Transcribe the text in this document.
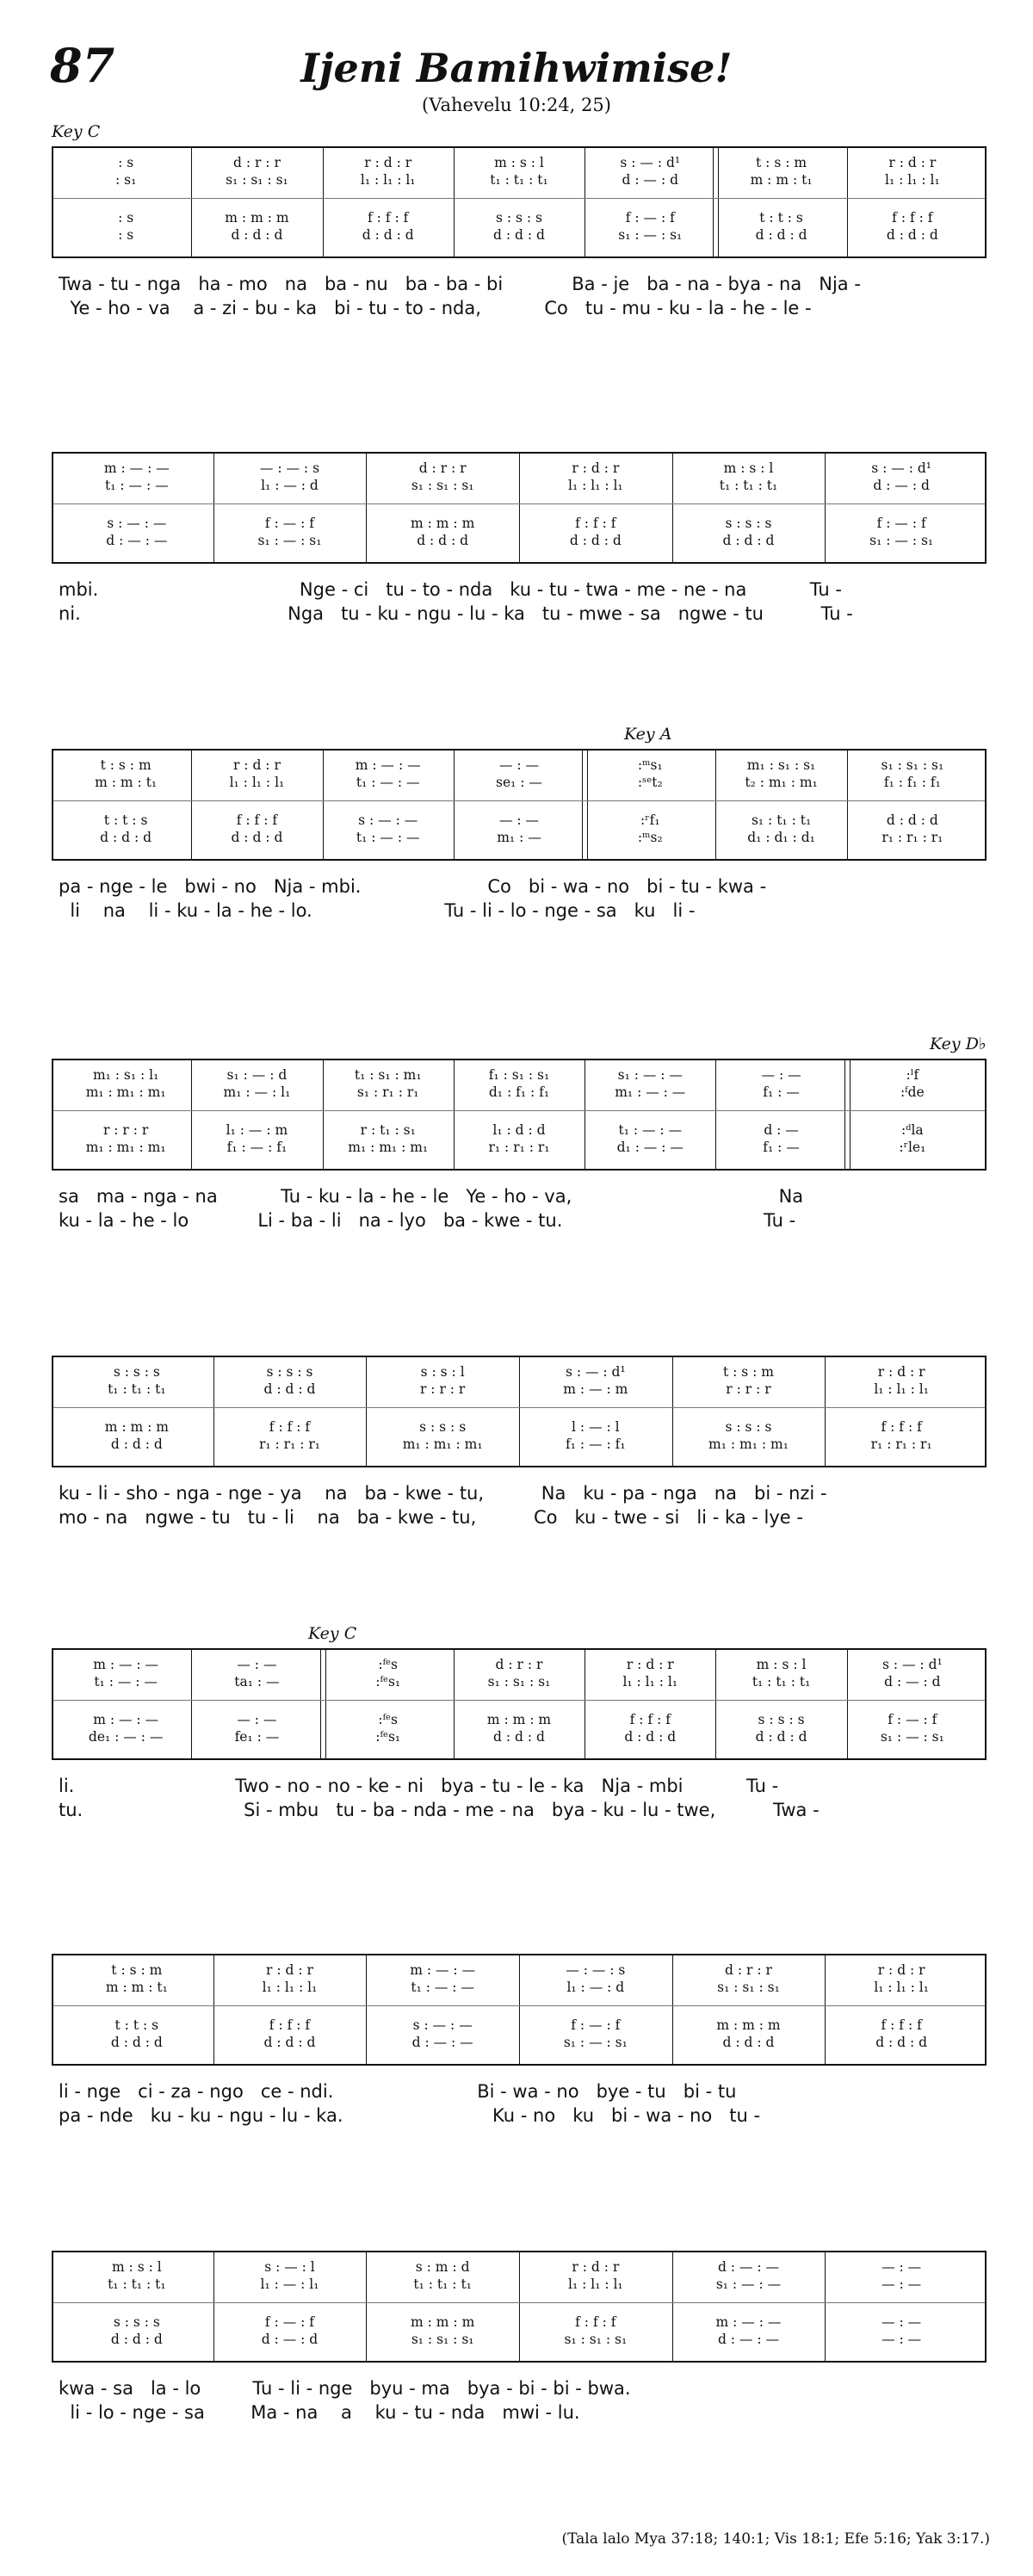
87	Ijeni Bamihwimise!
(Vahevelu 10:24, 25)
Key C
: s	d : r : r	r : d : r	m : s : l	s : — : d¹	t : s : m	r : d : r
: s₁	s₁ : s₁ : s₁	l₁ : l₁ : l₁	t₁ : t₁ : t₁	d : — : d	m : m : t₁	l₁ : l₁ : l₁
: s	m : m : m	f : f : f	s : s : s	f : — : f	t : t : s	f : f : f
: s	d : d : d	d : d : d	d : d : d	s₁ : — : s₁	d : d : d	d : d : d
Twa - tu - nga   ha - mo   na   ba - nu   ba - ba - bi            Ba - je   ba - na - bya - na   Nja -
Ye - ho - va    a - zi - bu - ka   bi - tu - to - nda,           Co   tu - mu - ku - la - he - le -
m : — : —	— : — : s	d : r : r	r : d : r	m : s : l	s : — : d¹
t₁ : — : —	l₁ : — : d	s₁ : s₁ : s₁	l₁ : l₁ : l₁	t₁ : t₁ : t₁	d : — : d
s : — : —	f : — : f	m : m : m	f : f : f	s : s : s	f : — : f
d : — : —	s₁ : — : s₁	d : d : d	d : d : d	d : d : d	s₁ : — : s₁
mbi.                                   Nge - ci   tu - to - nda   ku - tu - twa - me - ne - na           Tu -
ni.                                    Nga   tu - ku - ngu - lu - ka   tu - mwe - sa   ngwe - tu          Tu -
Key A
t : s : m	r : d : r	m : — : —	— : —	:ᵐs₁	m₁ : s₁ : s₁	s₁ : s₁ : s₁
m : m : t₁	l₁ : l₁ : l₁	t₁ : — : —	se₁ : —	:ˢᵉt₂	t₂ : m₁ : m₁	f₁ : f₁ : f₁
t : t : s	f : f : f	s : — : —	— : —	:ʳf₁	s₁ : t₁ : t₁	d : d : d
d : d : d	d : d : d	t₁ : — : —	m₁ : —	:ᵐs₂	d₁ : d₁ : d₁	r₁ : r₁ : r₁
pa - nge - le   bwi - no   Nja - mbi.                      Co   bi - wa - no   bi - tu - kwa -
li    na    li - ku - la - he - lo.                       Tu - li - lo - nge - sa   ku   li -
Key D♭
m₁ : s₁ : l₁	s₁ : — : d	t₁ : s₁ : m₁	f₁ : s₁ : s₁	s₁ : — : —	— : —	:ˡf
m₁ : m₁ : m₁	m₁ : — : l₁	s₁ : r₁ : r₁	d₁ : f₁ : f₁	m₁ : — : —	f₁ : —	:ᶠde
r : r : r	l₁ : — : m	r : t₁ : s₁	l₁ : d : d	t₁ : — : —	d : —	:ᵈla
m₁ : m₁ : m₁	f₁ : — : f₁	m₁ : m₁ : m₁	r₁ : r₁ : r₁	d₁ : — : —	f₁ : —	:ʳle₁
sa   ma - nga - na           Tu - ku - la - he - le   Ye - ho - va,                                    Na
ku - la - he - lo            Li - ba - li   na - lyo   ba - kwe - tu.                                   Tu -
s : s : s	s : s : s	s : s : l	s : — : d¹	t : s : m	r : d : r
t₁ : t₁ : t₁	d : d : d	r : r : r	m : — : m	r : r : r	l₁ : l₁ : l₁
m : m : m	f : f : f	s : s : s	l : — : l	s : s : s	f : f : f
d : d : d	r₁ : r₁ : r₁	m₁ : m₁ : m₁	f₁ : — : f₁	m₁ : m₁ : m₁	r₁ : r₁ : r₁
ku - li - sho - nga - nge - ya    na   ba - kwe - tu,          Na   ku - pa - nga   na   bi - nzi -
mo - na   ngwe - tu   tu - li    na   ba - kwe - tu,          Co   ku - twe - si   li - ka - lye -
Key C
m : — : —	— : —	:ᶠᵉs	d : r : r	r : d : r	m : s : l	s : — : d¹
t₁ : — : —	ta₁ : —	:ᶠᵉs₁	s₁ : s₁ : s₁	l₁ : l₁ : l₁	t₁ : t₁ : t₁	d : — : d
m : — : —	— : —	:ᶠᵉs	m : m : m	f : f : f	s : s : s	f : — : f
de₁ : — : —	fe₁ : —	:ᶠᵉs₁	d : d : d	d : d : d	d : d : d	s₁ : — : s₁
li.                            Two - no - no - ke - ni   bya - tu - le - ka   Nja - mbi           Tu -
tu.                            Si - mbu   tu - ba - nda - me - na   bya - ku - lu - twe,          Twa -
t : s : m	r : d : r	m : — : —	— : — : s	d : r : r	r : d : r
m : m : t₁	l₁ : l₁ : l₁	t₁ : — : —	l₁ : — : d	s₁ : s₁ : s₁	l₁ : l₁ : l₁
t : t : s	f : f : f	s : — : —	f : — : f	m : m : m	f : f : f
d : d : d	d : d : d	d : — : —	s₁ : — : s₁	d : d : d	d : d : d
li - nge   ci - za - ngo   ce - ndi.                         Bi - wa - no   bye - tu   bi - tu
pa - nde   ku - ku - ngu - lu - ka.                          Ku - no   ku   bi - wa - no   tu -
m : s : l	s : — : l	s : m : d	r : d : r	d : — : —	— : —
t₁ : t₁ : t₁	l₁ : — : l₁	t₁ : t₁ : t₁	l₁ : l₁ : l₁	s₁ : — : —	— : —
s : s : s	f : — : f	m : m : m	f : f : f	m : — : —	— : —
d : d : d	d : — : d	s₁ : s₁ : s₁	s₁ : s₁ : s₁	d : — : —	— : —
kwa - sa   la - lo         Tu - li - nge   byu - ma   bya - bi - bi - bwa.
li - lo - nge - sa        Ma - na    a    ku - tu - nda   mwi - lu.
(Tala lalo Mya 37:18; 140:1; Vis 18:1; Efe 5:16; Yak 3:17.)
